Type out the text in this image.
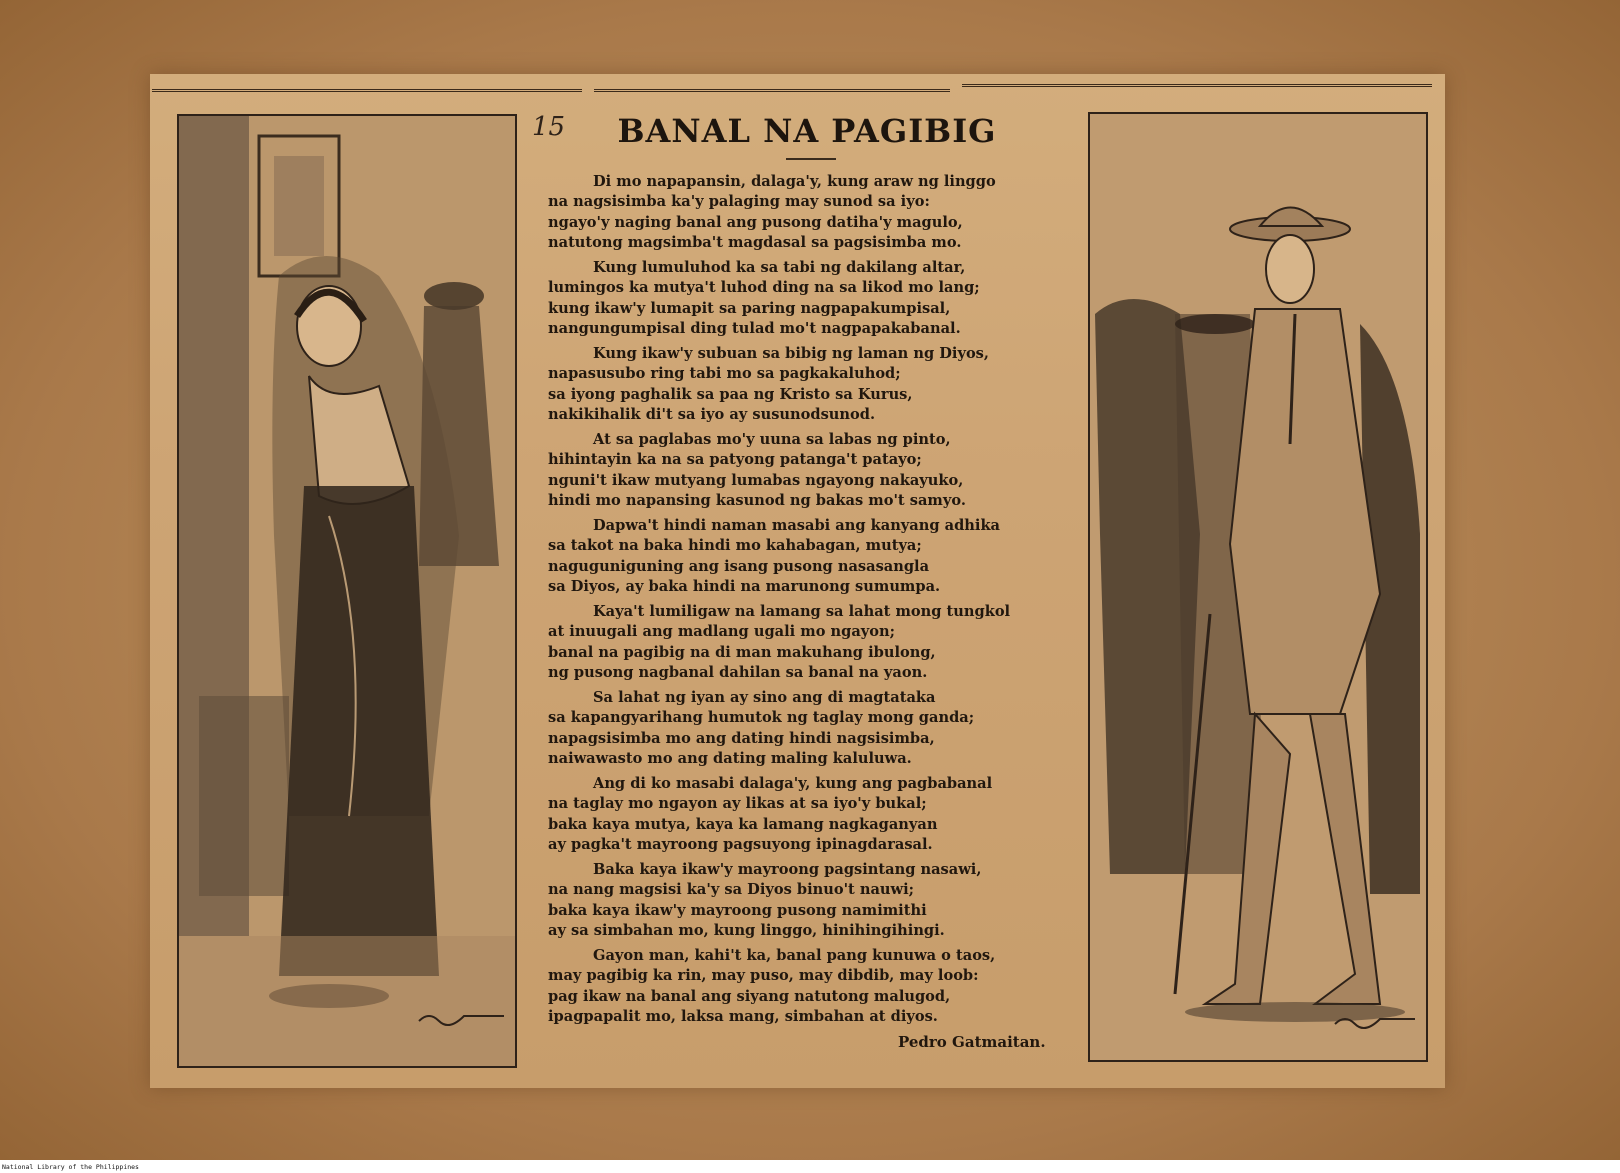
15 BANAL NA PAGIBIG
Di mo napapansin, dalaga'y, kung araw ng linggo
na nagsisimba ka'y palaging may sunod sa iyo:
ngayo'y naging banal ang pusong datiha'y magulo,
natutong magsimba't magdasal sa pagsisimba mo.
Kung lumuluhod ka sa tabi ng dakilang altar,
lumingos ka mutya't luhod ding na sa likod mo lang;
kung ikaw'y lumapit sa paring nagpapakumpisal,
nangungumpisal ding tulad mo't nagpapakabanal.
Kung ikaw'y subuan sa bibig ng laman ng Diyos,
napasusubo ring tabi mo sa pagkakaluhod;
sa iyong paghalik sa paa ng Kristo sa Kurus,
nakikihalik di't sa iyo ay susunodsunod.
At sa paglabas mo'y uuna sa labas ng pinto,
hihintayin ka na sa patyong patanga't patayo;
nguni't ikaw mutyang lumabas ngayong nakayuko,
hindi mo napansing kasunod ng bakas mo't samyo.
Dapwa't hindi naman masabi ang kanyang adhika
sa takot na baka hindi mo kahabagan, mutya;
naguguniguning ang isang pusong nasasangla
sa Diyos, ay baka hindi na marunong sumumpa.
Kaya't lumiligaw na lamang sa lahat mong tungkol
at inuugali ang madlang ugali mo ngayon;
banal na pagibig na di man makuhang ibulong,
ng pusong nagbanal dahilan sa banal na yaon.
Sa lahat ng iyan ay sino ang di magtataka
sa kapangyarihang humutok ng taglay mong ganda;
napagsisimba mo ang dating hindi nagsisimba,
naiwawasto mo ang dating maling kaluluwa.
Ang di ko masabi dalaga'y, kung ang pagbabanal
na taglay mo ngayon ay likas at sa iyo'y bukal;
baka kaya mutya, kaya ka lamang nagkaganyan
ay pagka't mayroong pagsuyong ipinagdarasal.
Baka kaya ikaw'y mayroong pagsintang nasawi,
na nang magsisi ka'y sa Diyos binuo't nauwi;
baka kaya ikaw'y mayroong pusong namimithi
ay sa simbahan mo, kung linggo, hinihingihingi.
Gayon man, kahi't ka, banal pang kunuwa o taos,
may pagibig ka rin, may puso, may dibdib, may loob:
pag ikaw na banal ang siyang natutong malugod,
ipagpapalit mo, laksa mang, simbahan at diyos.
Pedro Gatmaitan.
National Library of the Philippines
